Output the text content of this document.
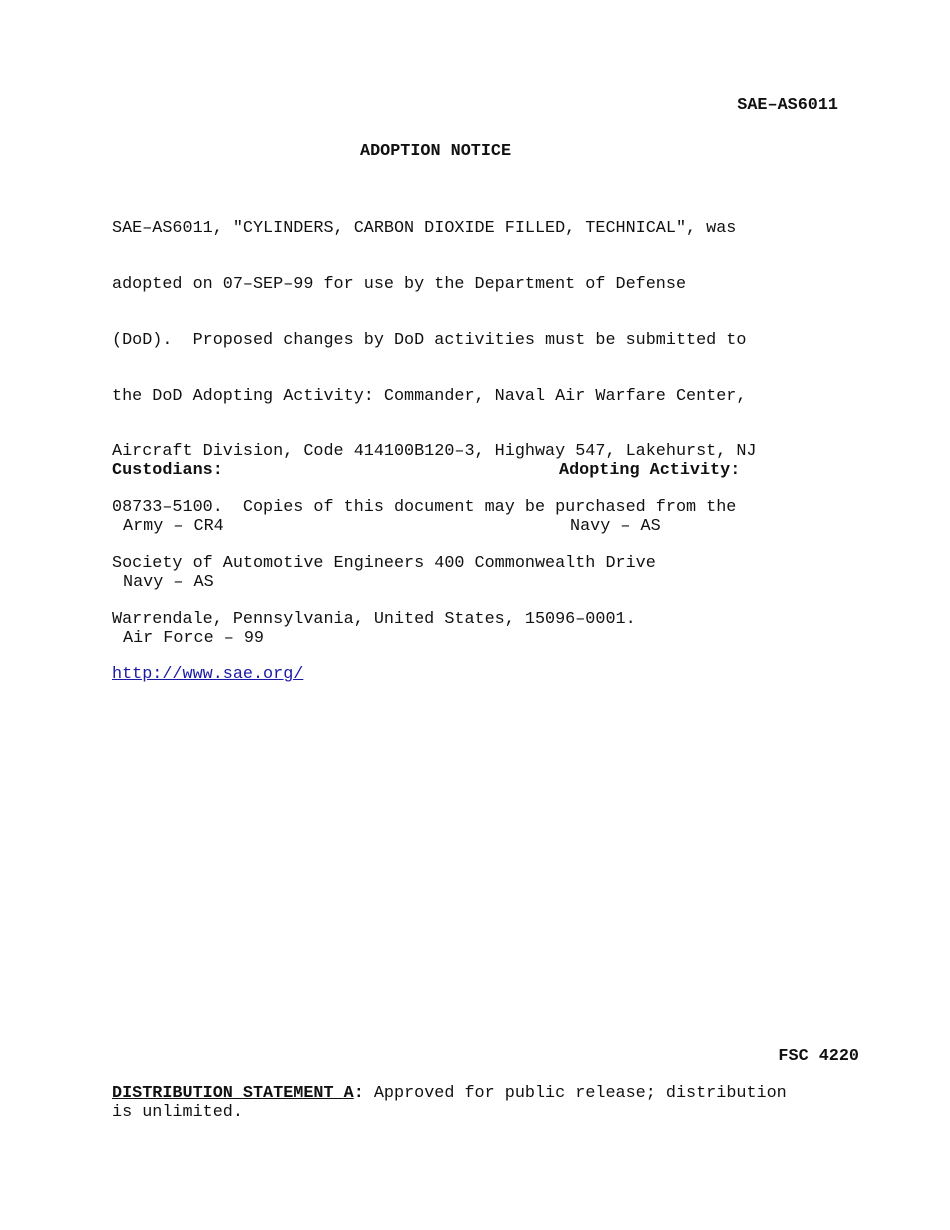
SAE–AS6011
ADOPTION NOTICE

SAE–AS6011, "CYLINDERS, CARBON DIOXIDE FILLED, TECHNICAL", was

adopted on 07–SEP–99 for use by the Department of Defense

(DoD).  Proposed changes by DoD activities must be submitted to

the DoD Adopting Activity: Commander, Naval Air Warfare Center,

Aircraft Division, Code 414100B120–3, Highway 547, Lakehurst, NJ

08733–5100.  Copies of this document may be purchased from the

Society of Automotive Engineers 400 Commonwealth Drive

Warrendale, Pennsylvania, United States, 15096–0001.

http://www.sae.org/

Custodians:

Army – CR4

Navy – AS

Air Force – 99

Adopting Activity:

Navy – AS

FSC 4220
DISTRIBUTION STATEMENT A: Approved for public release; distribution
is unlimited.
